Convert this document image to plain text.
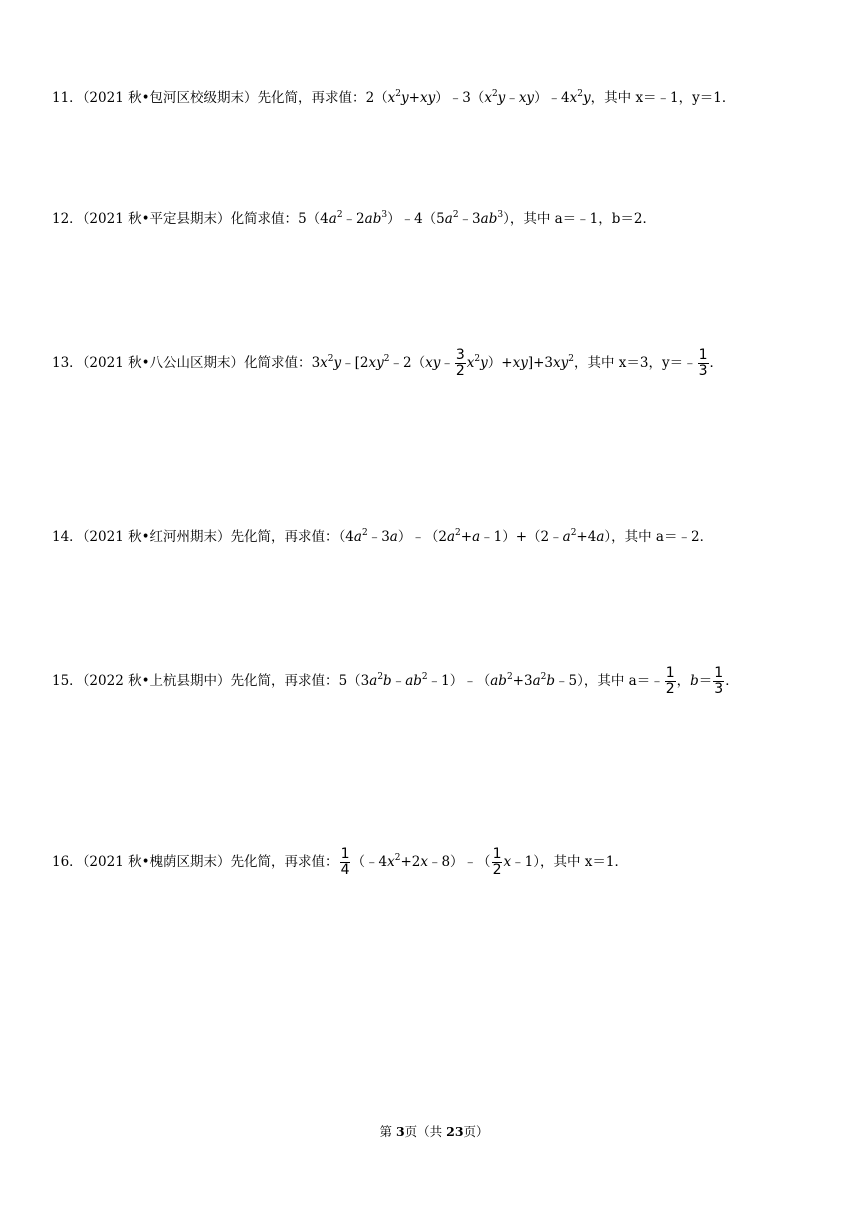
11．（2021 秋•包河区校级期末）先化简，再求值：$2(x^2y+xy)﹣3(x^2y﹣xy)﹣4x^2y$，其中 x＝﹣1，y＝1．
12．（2021 秋•平定县期末）化简求值：$5(4a^2﹣2ab^3)﹣4(5a^2﹣3ab^3)$，其中 a＝﹣1，b＝2．
13．（2021 秋•八公山区期末）化简求值：$3x^2y﹣[2xy^2﹣2(xy﹣ \frac{3}{2} x^2y)+xy]+3xy^2$，其中 x＝3，y＝﹣ $\frac{1}{3}$ ．
14．（2021 秋•红河州期末）先化简，再求值：$(4a^2﹣3a)﹣(2a^2+a﹣1)+(2﹣a^2+4a)$，其中 a＝﹣2．
15．（2022 秋•上杭县期中）先化简，再求值：$5(3a^2b﹣ab^2﹣1)﹣(ab^2+3a^2b﹣5)$，其中 a＝﹣ $\frac{1}{2}$ ，$b= \frac{1}{3}$ ．
16．（2021 秋•槐荫区期末）先化简，再求值： $\frac{1}{4}$ $(﹣4x^2+2x﹣8)﹣( \frac{1}{2}$ x﹣1），其中 x＝1．
第 3页（共 23页）
